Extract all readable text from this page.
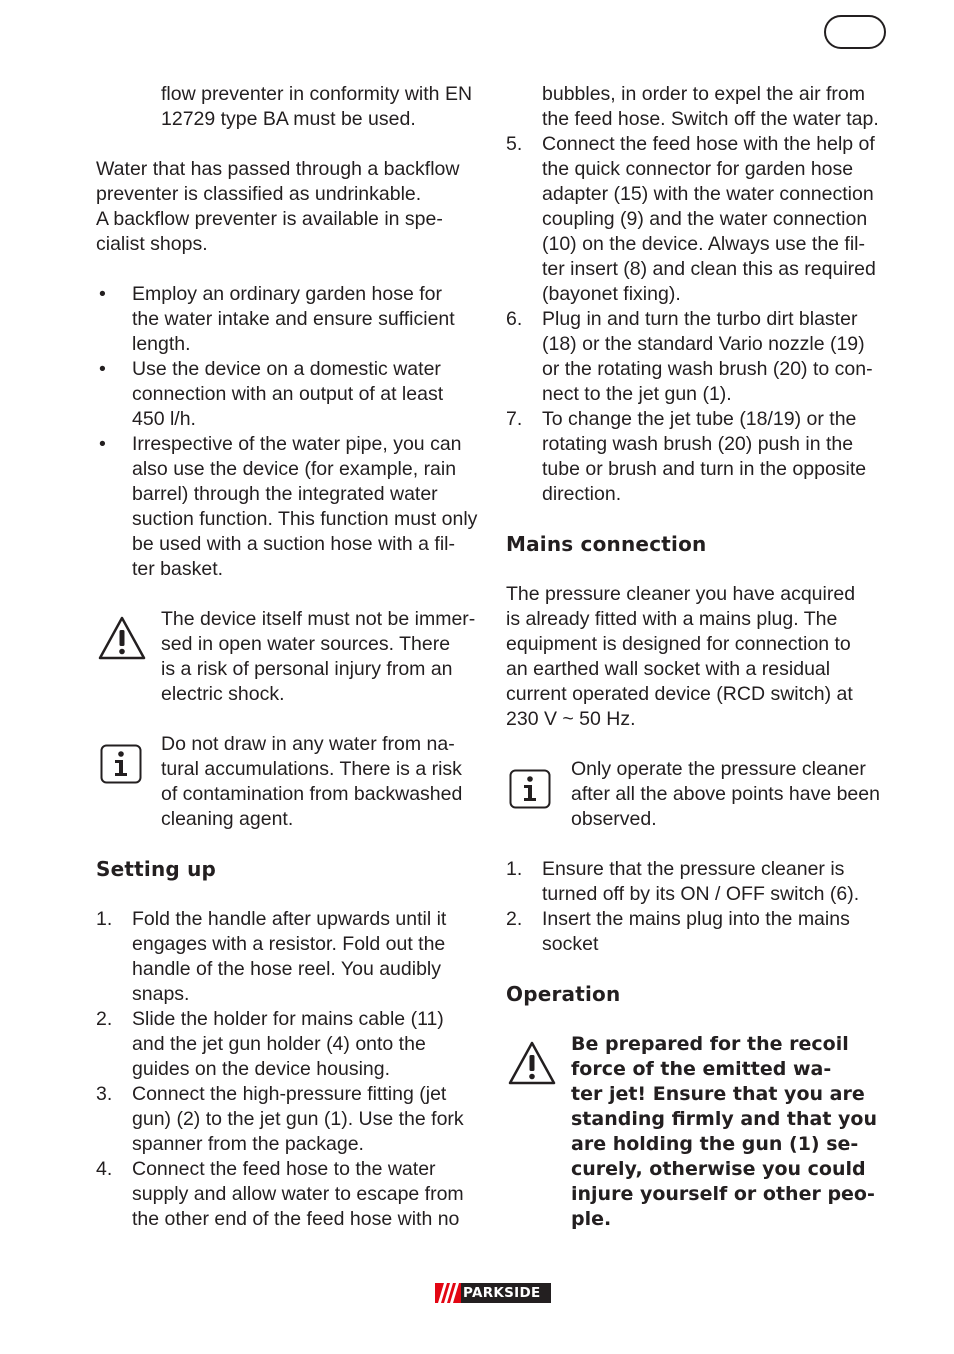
flow preventer in conformity with EN

12729 type BA must be used.

Water that has passed through a backflow

preventer is classified as undrinkable.

A backflow preventer is available in spe-

cialist shops.

•	Employ an ordinary garden hose for

the water intake and ensure sufficient

length.

•	Use the device on a domestic water

connection with an output of at least

450 l/h.

•	Irrespective of the water pipe, you can

also use the device (for example, rain

barrel) through the integrated water

suction function. This function must only

be used with a suction hose with a fil-

ter basket.

The device itself must not be immer-

sed in open water sources. There

is a risk of personal injury from an

electric shock.

Do not draw in any water from na-

tural accumulations. There is a risk

of contamination from backwashed

cleaning agent.

Setting up
1.	Fold the handle after upwards until it

engages with a resistor. Fold out the

handle of the hose reel. You audibly

snaps.

2.	Slide the holder for mains cable (11)

and the jet gun holder (4) onto the

guides on the device housing.

3.	Connect the high-pressure fitting (jet

gun) (2) to the jet gun (1). Use the fork

spanner from the package.

4.	Connect the feed hose to the water

supply and allow water to escape from

the other end of the feed hose with no

bubbles, in order to expel the air from

the feed hose. Switch off the water tap.

5.	Connect the feed hose with the help of

the quick connector for garden hose

adapter (15) with the water connection

coupling (9) and the water connection

(10) on the device. Always use the fil-

ter insert (8) and clean this as required

(bayonet fixing).

6.	Plug in and turn the turbo dirt blaster

(18) or the standard Vario nozzle (19)

or the rotating wash brush (20) to con-

nect to the jet gun (1).

7.	To change the jet tube (18/19) or the

rotating wash brush (20) push in the

tube or brush and turn in the opposite

direction.

Mains connection

The pressure cleaner you have acquired

is already fitted with a mains plug. The

equipment is designed for connection to

an earthed wall socket with a residual

current operated device (RCD switch) at

230 V ~ 50 Hz.

Only operate the pressure cleaner

after all the above points have been

observed.

1.	Ensure that the pressure cleaner is

turned off by its ON / OFF switch (6).

2.	Insert the mains plug into the mains

socket

Operation

Be prepared for the recoil

force of the emitted wa-

ter jet! Ensure that you are

standing firmly and that you

are holding the gun (1) se-

curely, otherwise you could

injure yourself or other peo-

ple.

PARKSIDE
